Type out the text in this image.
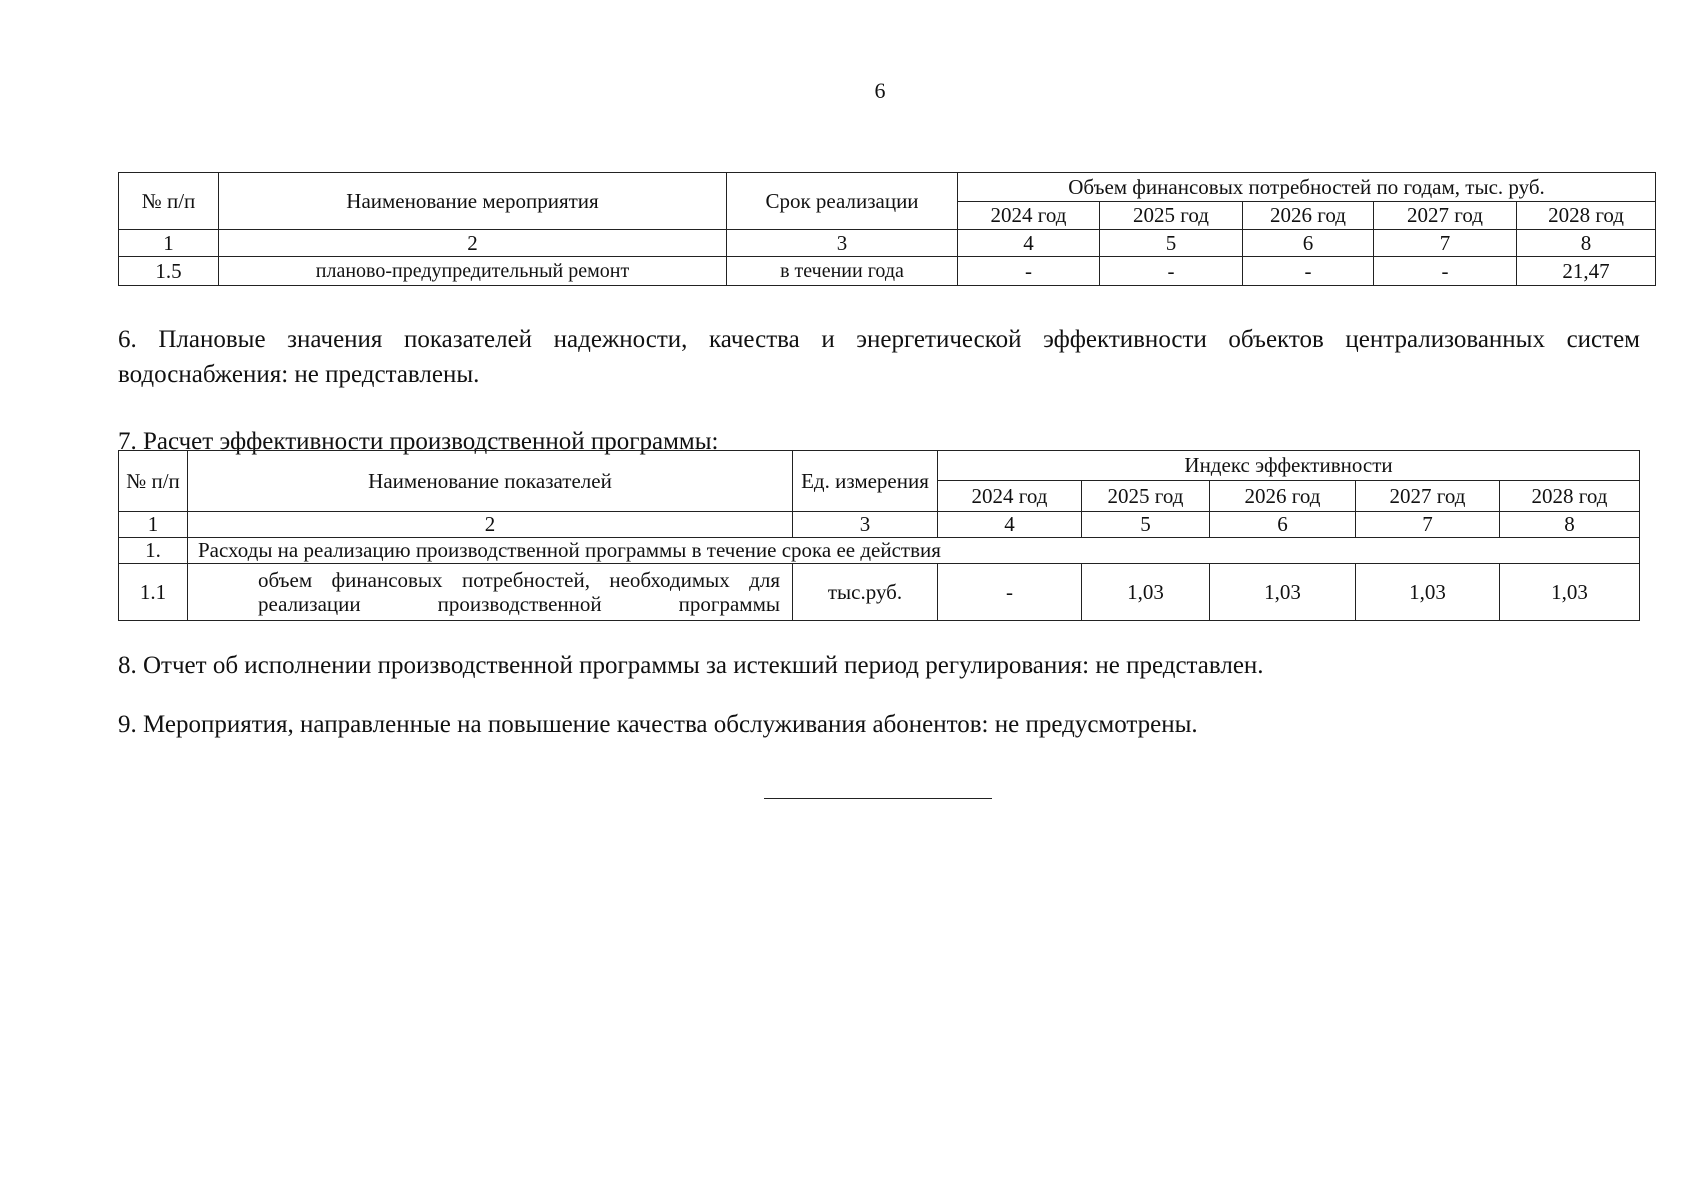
6
№ п/п	Наименование мероприятия	Срок реализации	Объем финансовых потребностей по годам, тыс. руб.				
			2024 год	2025 год	2026 год	2027 год	2028 год
1	2	3	4	5	6	7	8
1.5	планово-предупредительный ремонт	в течении года	-	-	-	-	21,47
6. Плановые значения показателей надежности, качества и энергетической эффективности объектов централизованных систем водоснабжения: не представлены.
7. Расчет эффективности производственной программы:
№ п/п	Наименование показателей	Ед. измерения	Индекс эффективности				
			2024 год	2025 год	2026 год	2027 год	2028 год
1	2	3	4	5	6	7	8
1.	Расходы на реализацию производственной программы в течение срока ее действия						
1.1	объем финансовых потребностей, необходимых для реализации производственной программы	тыс.руб.	-	1,03	1,03	1,03	1,03
8. Отчет об исполнении производственной программы за истекший период регулирования: не представлен.
9. Мероприятия, направленные на повышение качества обслуживания абонентов: не предусмотрены.
